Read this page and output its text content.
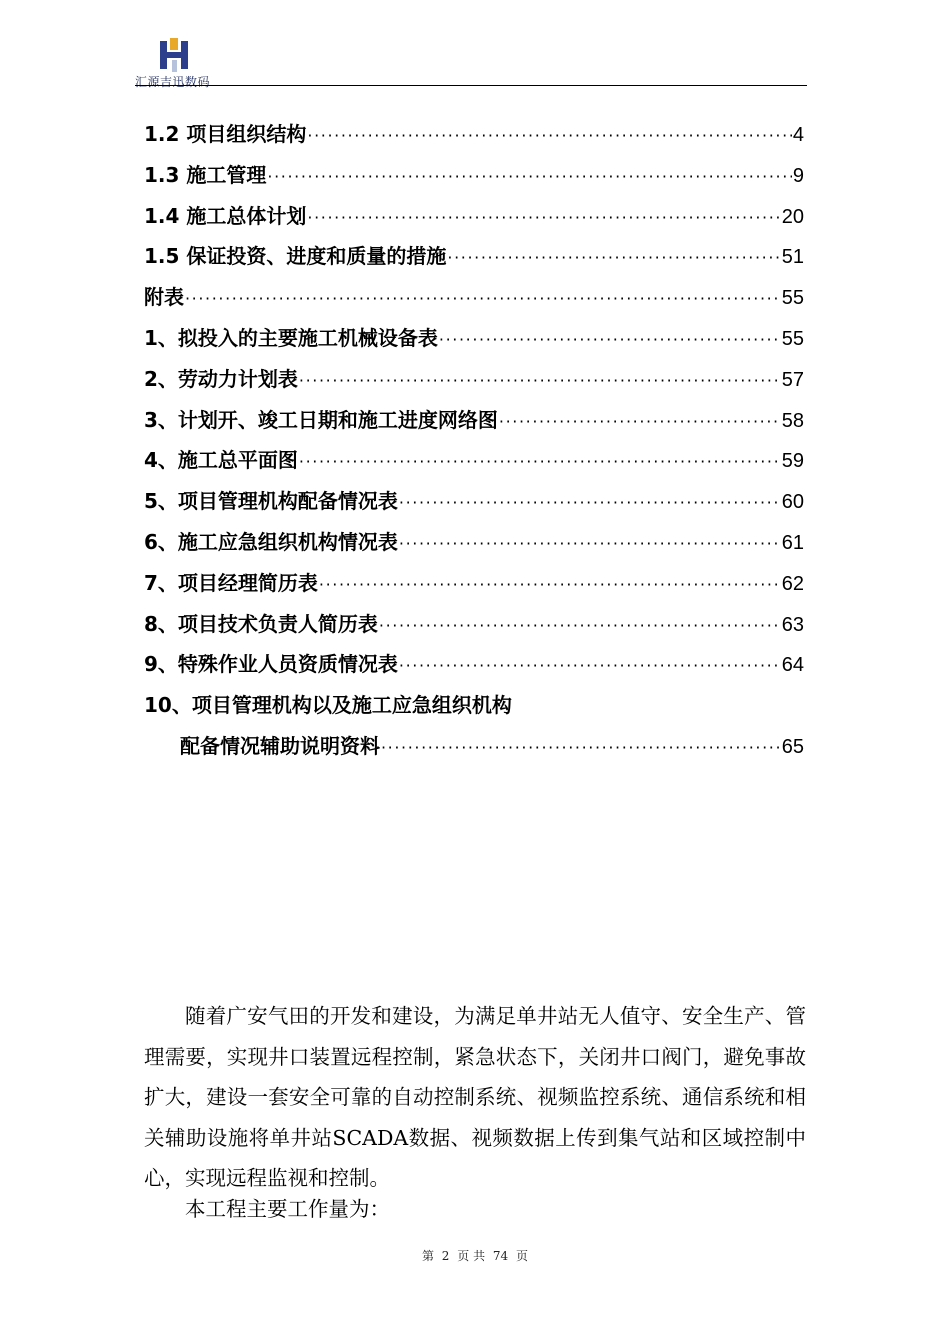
汇源吉迅数码
1.2 项目组织结构 ·····	4
1.3 施工管理 ·····	9
1.4 施工总体计划 ·····	20
1.5 保证投资、进度和质量的措施 ·····	51
附表 ·····	55
1、拟投入的主要施工机械设备表 ·····	55
2、劳动力计划表 ·····	57
3、计划开、竣工日期和施工进度网络图 ·····	58
4、施工总平面图 ·····	59
5、项目管理机构配备情况表 ·····	60
6、施工应急组织机构情况表 ·····	61
7、项目经理简历表 ·····	62
8、项目技术负责人简历表 ·····	63
9、特殊作业人员资质情况表 ·····	64
10、项目管理机构以及施工应急组织机构
配备情况辅助说明资料 ·····	65

随着广安气田的开发和建设，为满足单井站无人值守、安全生产、管理需要，实现井口装置远程控制，紧急状态下，关闭井口阀门，避免事故扩大，建设一套安全可靠的自动控制系统、视频监控系统、通信系统和相关辅助设施将单井站SCADA数据、视频数据上传到集气站和区域控制中心，实现远程监视和控制。

本工程主要工作量为：

第 2 页 共 74 页
